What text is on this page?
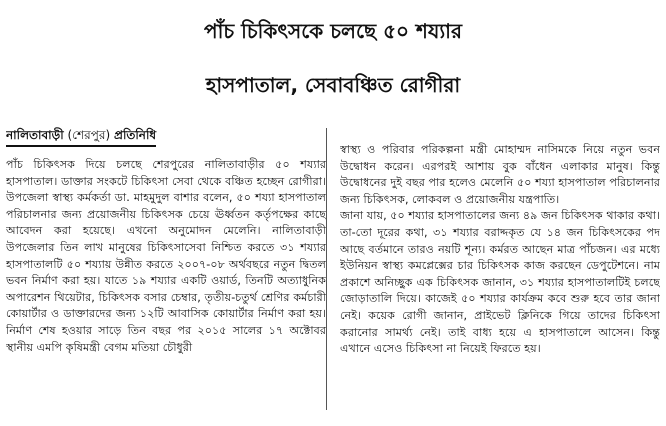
পাঁচ চিকিৎসকে চলছে ৫০ শয্যার
হাসপাতাল, সেবাবঞ্চিত রোগীরা
নালিতাবাড়ী (শেরপুর) প্রতিনিধি

পাঁচ চিকিৎসক দিয়ে চলছে শেরপুরের নালিতাবাড়ীর ৫০ শয্যার হাসপাতাল। ডাক্তার সংকটে চিকিৎসা সেবা থেকে বঞ্চিত হচ্ছেন রোগীরা। উপজেলা স্বাস্থ্য কর্মকর্তা ডা. মাহমুদুল বাশার বলেন, ৫০ শয্যা হাসপাতাল পরিচালনার জন্য প্রয়োজনীয় চিকিৎসক চেয়ে ঊর্ধ্বতন কর্তৃপক্ষের কাছে আবেদন করা হয়েছে। এখনো অনুমোদন মেলেনি। নালিতাবাড়ী উপজেলার তিন লাখ মানুষের চিকিৎসাসেবা নিশ্চিত করতে ৩১ শয্যার হাসপাতালটি ৫০ শয্যায় উন্নীত করতে ২০০৭-০৮ অর্থবছরে নতুন দ্বিতল ভবন নির্মাণ করা হয়। যাতে ১৯ শয্যার একটি ওয়ার্ড, তিনটি অত্যাধুনিক অপারেশন থিয়েটার, চিকিৎসক বসার চেম্বার, তৃতীয়-চতুর্থ শ্রেণির কর্মচারী কোয়ার্টার ও ডাক্তারদের জন্য ১২টি আবাসিক কোয়ার্টার নির্মাণ করা হয়। নির্মাণ শেষ হওয়ার সাড়ে তিন বছর পর ২০১৫ সালের ১৭ অক্টোবর স্থানীয় এমপি কৃষিমন্ত্রী বেগম মতিয়া চৌধুরী

স্বাস্থ্য ও পরিবার পরিকল্পনা মন্ত্রী মোহাম্মদ নাসিমকে নিয়ে নতুন ভবন উদ্বোধন করেন। এরপরই আশায় বুক বাঁধেন এলাকার মানুষ। কিন্তু উদ্বোধনের দুই বছর পার হলেও মেলেনি ৫০ শয্যা হাসপাতাল পরিচালনার জন্য চিকিৎসক, লোকবল ও প্রয়োজনীয় যন্ত্রপাতি।

জানা যায়, ৫০ শয্যার হাসপাতালের জন্য ৪৯ জন চিকিৎসক থাকার কথা। তা-তো দূরের কথা, ৩১ শয্যার বরাদ্দকৃত যে ১৪ জন চিকিৎসকের পদ আছে বর্তমানে তারও নয়টি শূন্য। কর্মরত আছেন মাত্র পাঁচজন। এর মধ্যে ইউনিয়ন স্বাস্থ্য কমপ্লেক্সের চার চিকিৎসক কাজ করছেন ডেপুটেশনে। নাম প্রকাশে অনিচ্ছুক এক চিকিৎসক জানান, ৩১ শয্যার হাসপাতালটিই চলছে জোড়াতালি দিয়ে। কাজেই ৫০ শয্যার কার্যক্রম কবে শুরু হবে তার জানা নেই। কয়েক রোগী জানান, প্রাইভেট ক্লিনিকে গিয়ে তাদের চিকিৎসা করানোর সামর্থ্য নেই। তাই বাধ্য হয়ে এ হাসপাতালে আসেন। কিন্তু এখানে এসেও চিকিৎসা না নিয়েই ফিরতে হয়।
